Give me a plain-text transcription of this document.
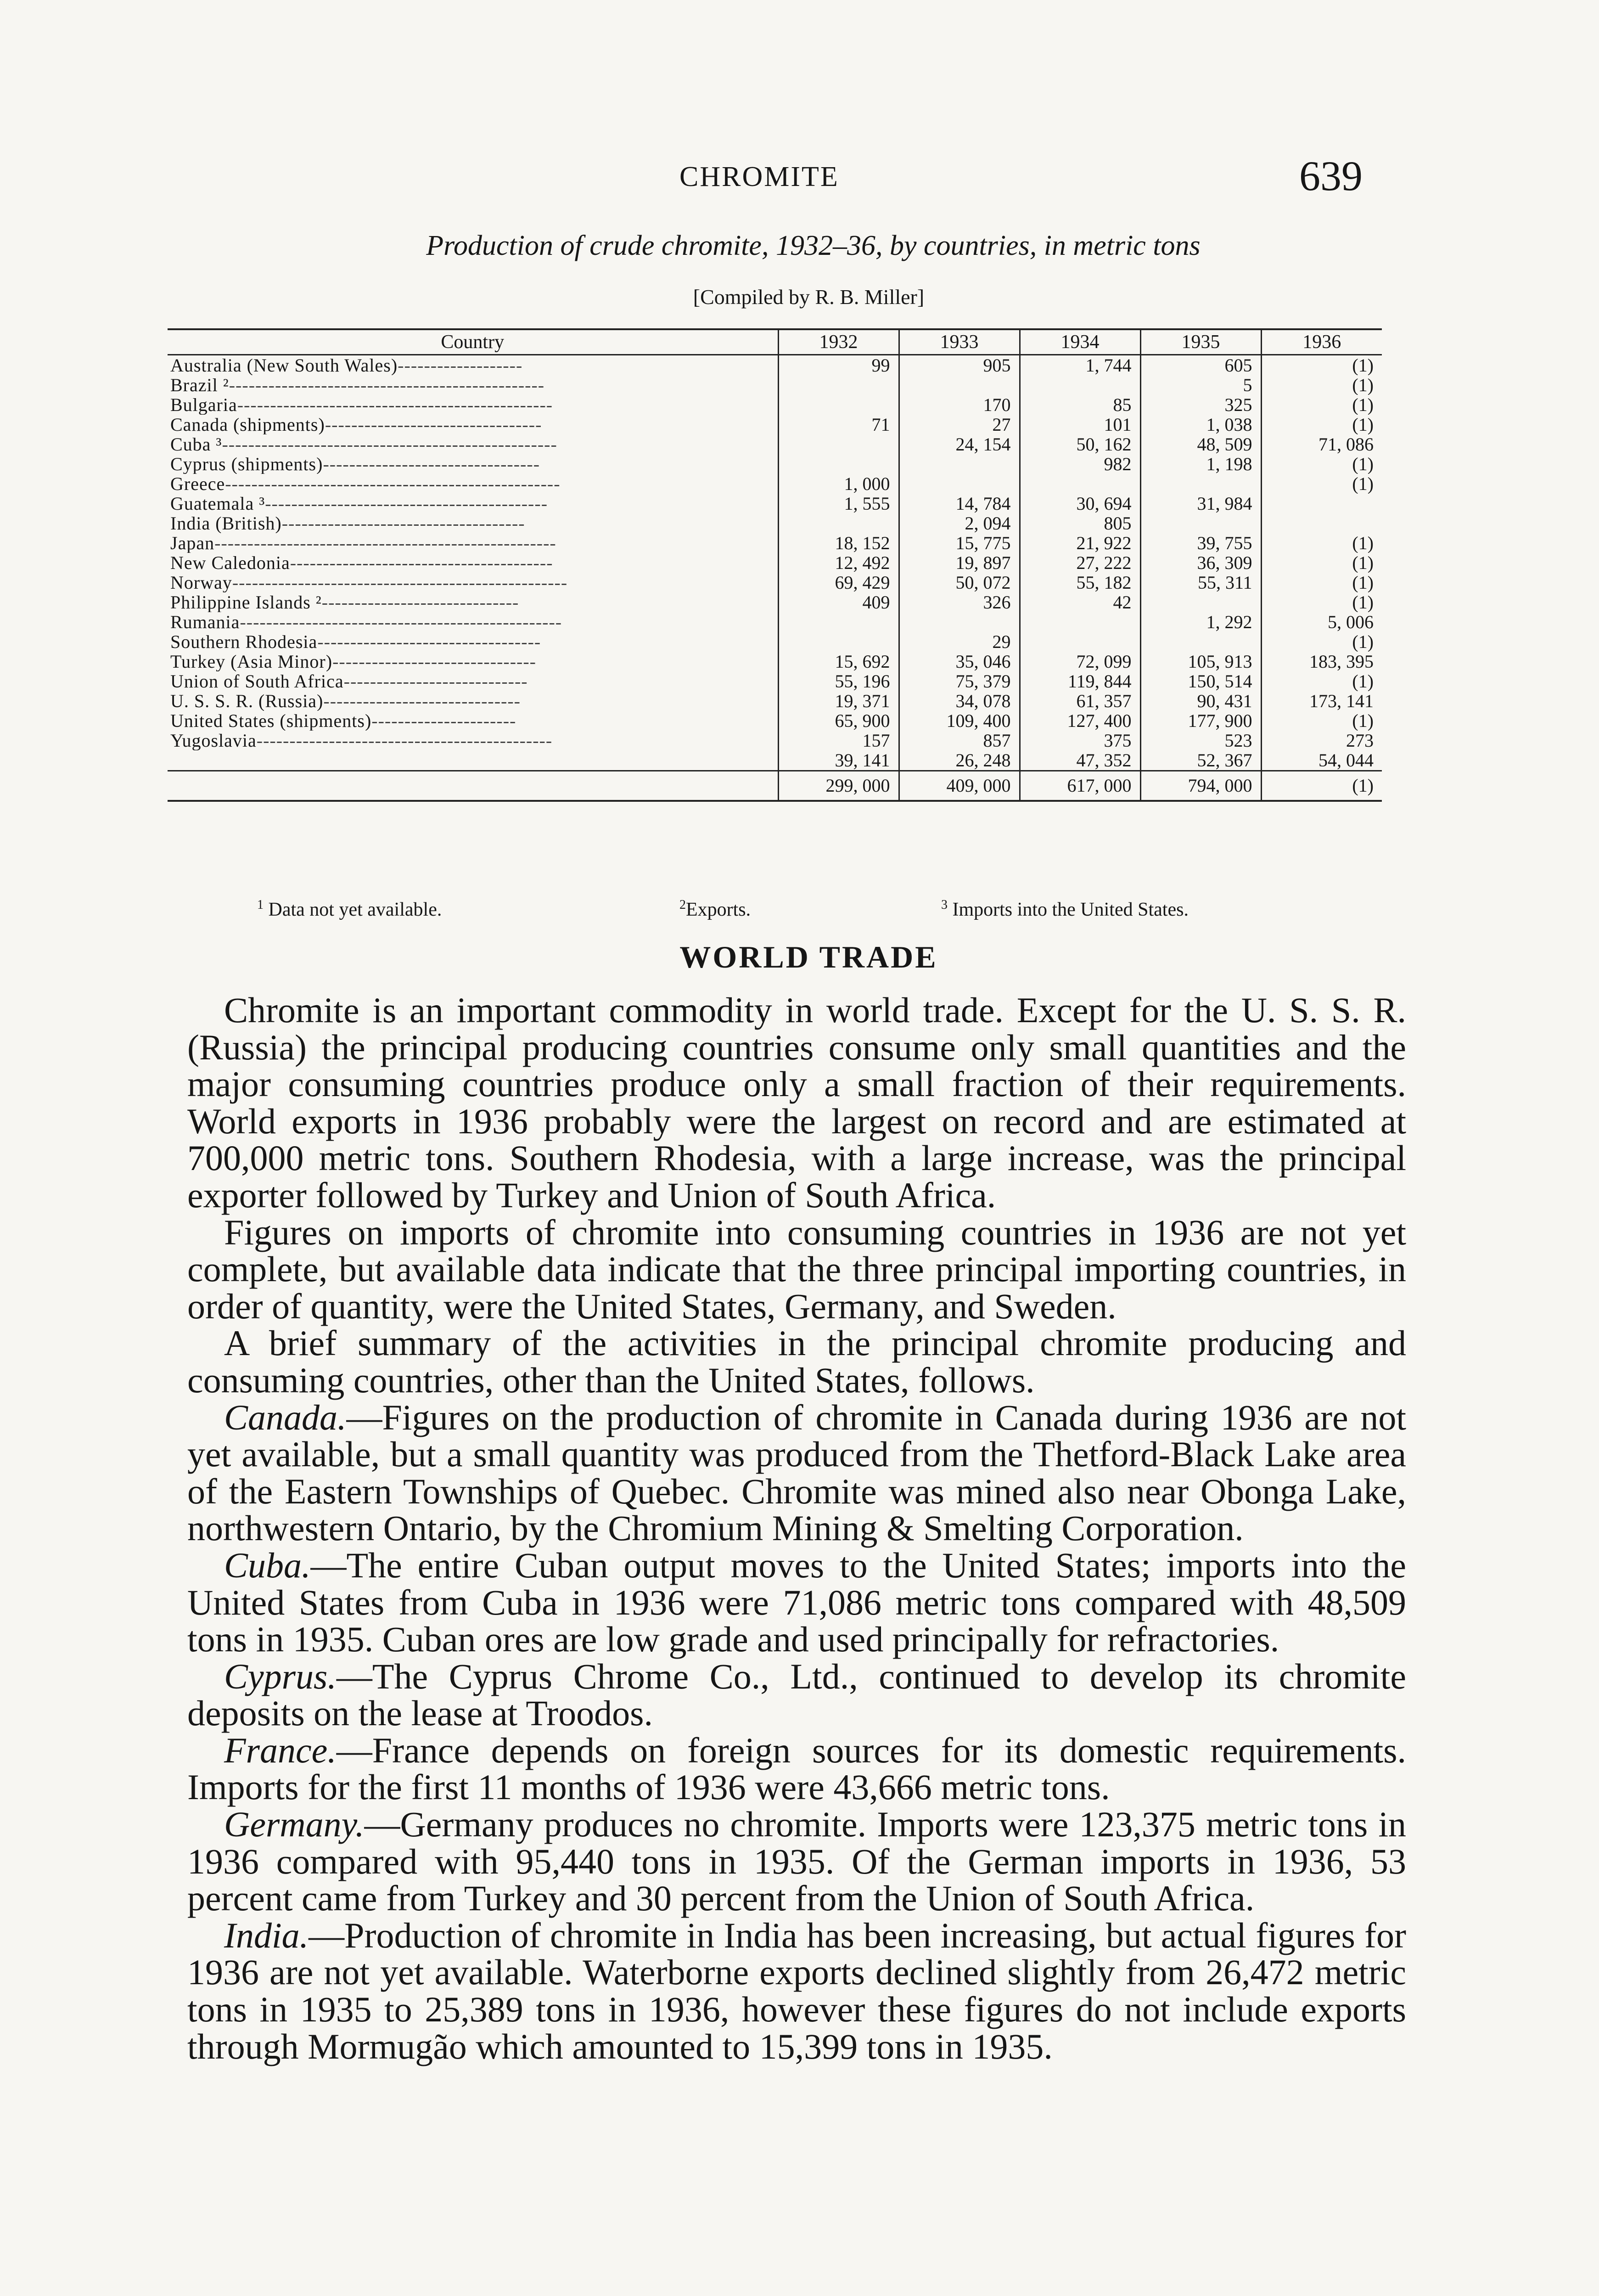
CHROMITE	639
Production of crude chromite, 1932–36, by countries, in metric tons
[Compiled by R. B. Miller]
Country	1932	1933	1934	1935	1936
Australia (New South Wales)-------------------	99	905	1, 744	605	(1)
Brazil ²------------------------------------------------				5	(1)
Bulgaria------------------------------------------------		170	85	325	(1)
Canada (shipments)---------------------------------	71	27	101	1, 038	(1)
Cuba ³---------------------------------------------------		24, 154	50, 162	48, 509	71, 086
Cyprus (shipments)---------------------------------			982	1, 198	(1)
Greece---------------------------------------------------	1, 000				(1)
Guatemala ³-------------------------------------------	1, 555	14, 784	30, 694	31, 984	
India (British)-------------------------------------		2, 094	805		
Japan----------------------------------------------------	18, 152	15, 775	21, 922	39, 755	(1)
New Caledonia----------------------------------------	12, 492	19, 897	27, 222	36, 309	(1)
Norway---------------------------------------------------	69, 429	50, 072	55, 182	55, 311	(1)
Philippine Islands ²------------------------------	409	326	42		(1)
Rumania-------------------------------------------------				1, 292	5, 006
Southern Rhodesia----------------------------------		29			(1)
Turkey (Asia Minor)-------------------------------	15, 692	35, 046	72, 099	105, 913	183, 395
Union of South Africa----------------------------	55, 196	75, 379	119, 844	150, 514	(1)
U. S. S. R. (Russia)------------------------------	19, 371	34, 078	61, 357	90, 431	173, 141
United States (shipments)----------------------	65, 900	109, 400	127, 400	177, 900	(1)
Yugoslavia---------------------------------------------	157	857	375	523	273
	39, 141	26, 248	47, 352	52, 367	54, 044
	299, 000	409, 000	617, 000	794, 000	(1)
$^1$ Data not yet available.	$^2$Exports.	$^3$ Imports into the United States.
WORLD TRADE

Chromite is an important commodity in world trade. Except for the U. S. S. R. (Russia) the principal producing countries consume only small quantities and the major consuming countries produce only a small fraction of their requirements. World exports in 1936 probably were the largest on record and are estimated at 700,000 metric tons. Southern Rhodesia, with a large increase, was the principal exporter followed by Turkey and Union of South Africa.

Figures on imports of chromite into consuming countries in 1936 are not yet complete, but available data indicate that the three principal importing countries, in order of quantity, were the United States, Germany, and Sweden.

A brief summary of the activities in the principal chromite producing and consuming countries, other than the United States, follows.

Canada.—Figures on the production of chromite in Canada during 1936 are not yet available, but a small quantity was produced from the Thetford-Black Lake area of the Eastern Townships of Quebec. Chromite was mined also near Obonga Lake, northwestern Ontario, by the Chromium Mining & Smelting Corporation.

Cuba.—The entire Cuban output moves to the United States; imports into the United States from Cuba in 1936 were 71,086 metric tons compared with 48,509 tons in 1935. Cuban ores are low grade and used principally for refractories.

Cyprus.—The Cyprus Chrome Co., Ltd., continued to develop its chromite deposits on the lease at Troodos.

France.—France depends on foreign sources for its domestic requirements. Imports for the first 11 months of 1936 were 43,666 metric tons.

Germany.—Germany produces no chromite. Imports were 123,375 metric tons in 1936 compared with 95,440 tons in 1935. Of the German imports in 1936, 53 percent came from Turkey and 30 percent from the Union of South Africa.

India.—Production of chromite in India has been increasing, but actual figures for 1936 are not yet available. Waterborne exports declined slightly from 26,472 metric tons in 1935 to 25,389 tons in 1936, however these figures do not include exports through Mormugão which amounted to 15,399 tons in 1935.
